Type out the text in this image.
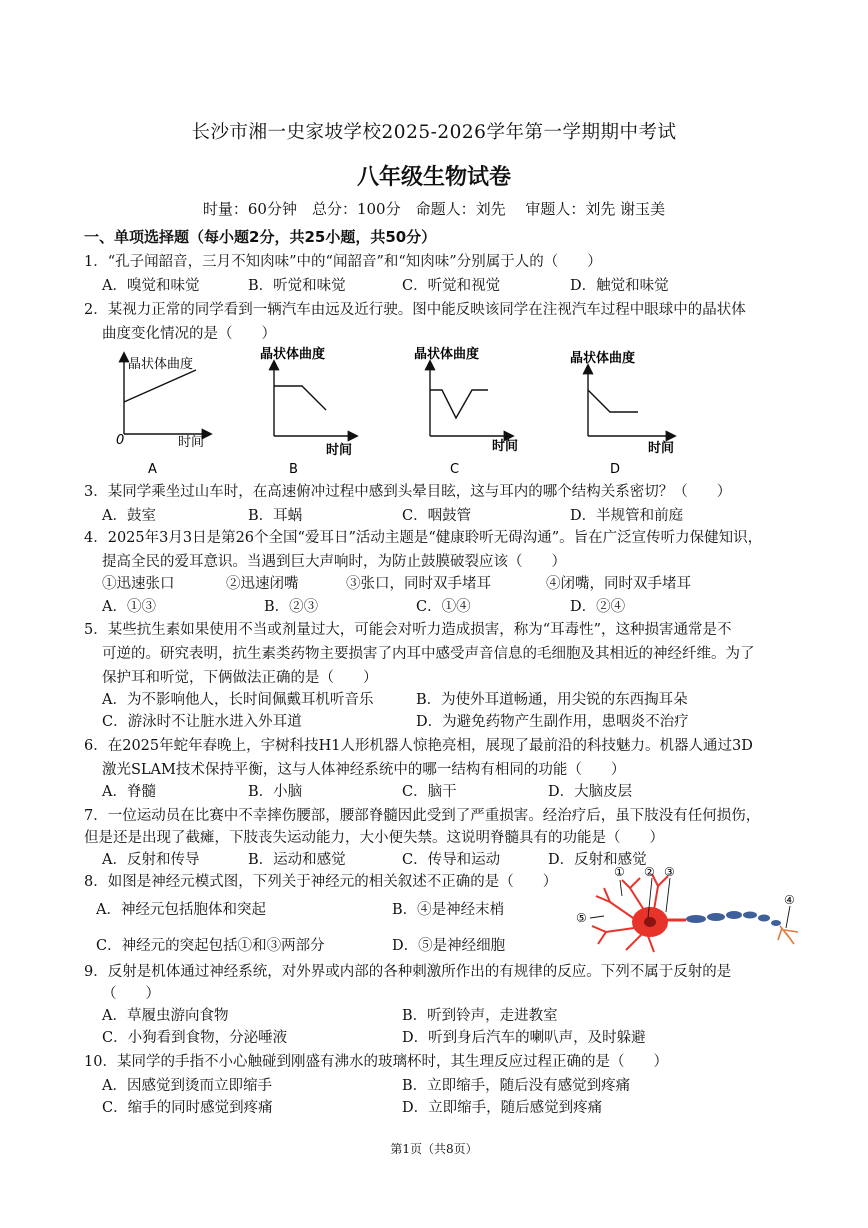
长沙市湘一史家坡学校2025-2026学年第一学期期中考试
八年级生物试卷
时量：60分钟　总分：100分　命题人：刘先　 审题人：刘先 谢玉美
一、单项选择题（每小题2分，共25小题，共50分）
1．“孔子闻韶音，三月不知肉味”中的“闻韶音”和“知肉味”分别属于人的（　　）
A．嗅觉和味觉	B．听觉和味觉	C．听觉和视觉	D．触觉和味觉
2．某视力正常的同学看到一辆汽车由远及近行驶。图中能反映该同学在注视汽车过程中眼球中的晶状体
曲度变化情况的是（　　）
晶状体曲度
时间
0
A
晶状体曲度
时间
B
晶状体曲度
时间
C
晶状体曲度
时间
D
3．某同学乘坐过山车时，在高速俯冲过程中感到头晕目眩，这与耳内的哪个结构关系密切？（　　）
A．鼓室	B．耳蜗	C．咽鼓管	D．半规管和前庭
4．2025年3月3日是第26个全国“爱耳日”活动主题是“健康聆听无碍沟通”。旨在广泛宣传听力保健知识，
提高全民的爱耳意识。当遇到巨大声响时，为防止鼓膜破裂应该（　　）
①迅速张口	②迅速闭嘴	③张口，同时双手堵耳	④闭嘴，同时双手堵耳
A．①③	B．②③	C．①④	D．②④
5．某些抗生素如果使用不当或剂量过大，可能会对听力造成损害，称为“耳毒性”，这种损害通常是不
可逆的。研究表明，抗生素类药物主要损害了内耳中感受声音信息的毛细胞及其相近的神经纤维。为了
保护耳和听觉，下俩做法正确的是（　　）
A．为不影响他人，长时间佩戴耳机听音乐	B．为使外耳道畅通，用尖锐的东西掏耳朵
C．游泳时不让脏水进入外耳道	D．为避免药物产生副作用，患咽炎不治疗
6．在2025年蛇年春晚上，宇树科技H1人形机器人惊艳亮相，展现了最前沿的科技魅力。机器人通过3D
激光SLAM技术保持平衡，这与人体神经系统中的哪一结构有相同的功能（　　）
A．脊髓	B．小脑	C．脑干	D．大脑皮层
7．一位运动员在比赛中不幸摔伤腰部，腰部脊髓因此受到了严重损害。经治疗后，虽下肢没有任何损伤，
但是还是出现了截瘫，下肢丧失运动能力，大小便失禁。这说明脊髓具有的功能是（　　）
A．反射和传导	B．运动和感觉	C．传导和运动	D．反射和感觉
8．如图是神经元模式图，下列关于神经元的相关叙述不正确的是（　　）
A．神经元包括胞体和突起	B．④是神经末梢
C．神经元的突起包括①和③两部分	D．⑤是神经细胞
① ② ③
④
⑤
9．反射是机体通过神经系统，对外界或内部的各种刺激所作出的有规律的反应。下列不属于反射的是
（　　）
A．草履虫游向食物	B．听到铃声，走进教室
C．小狗看到食物，分泌唾液	D．听到身后汽车的喇叭声，及时躲避
10．某同学的手指不小心触碰到刚盛有沸水的玻璃杯时，其生理反应过程正确的是（　　）
A．因感觉到烫而立即缩手	B．立即缩手，随后没有感觉到疼痛
C．缩手的同时感觉到疼痛	D．立即缩手，随后感觉到疼痛
第1页（共8页）
